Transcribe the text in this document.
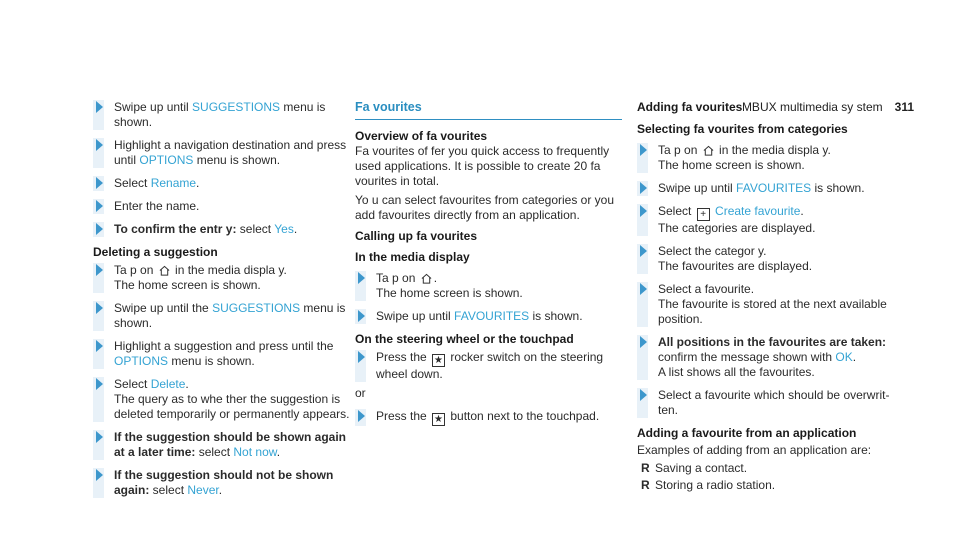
MBUX multimedia sy stem 311
Swipe up until SUGGESTIONS menu is shown.
Highlight a navigation destination and press until OPTIONS menu is shown.
Select Rename.
Enter the name.
To confirm the entr y: select Yes.
Deleting a suggestion
Ta p on  in the media displa y.
The home screen is shown.
Swipe up until the SUGGESTIONS menu is shown.
Highlight a suggestion and press until the OPTIONS menu is shown.
Select Delete.
The query as to whe ther the suggestion is deleted temporarily or permanently appears.
If the suggestion should be shown again at a later time: select Not now.
If the suggestion should not be shown again: select Never.
Fa vourites
Overview of fa vourites

Fa vourites of fer you quick access to frequently used applications. It is possible to create 20 fa vourites in total.

Yo u can select favourites from categories or you add favourites directly from an application.

Calling up fa vourites
In the media display
Ta p on .
The home screen is shown.
Swipe up until FAVOURITES is shown.
On the steering wheel or the touchpad
Press the ★ rocker switch on the steering wheel down.
or
Press the ★ button next to the touchpad.
Adding fa vourites
Selecting fa vourites from categories
Ta p on  in the media displa y.
The home screen is shown.
Swipe up until FAVOURITES is shown.
Select + Create favourite.
The categories are displayed.
Select the categor y.
The favourites are displayed.
Select a favourite.
The favourite is stored at the next available position.
All positions in the favourites are taken: confirm the message shown with OK.
A list shows all the favourites.
Select a favourite which should be overwrit‐ ten.
Adding a favourite from an application

Examples of adding from an application are:

R Saving a contact.
R Storing a radio station.
